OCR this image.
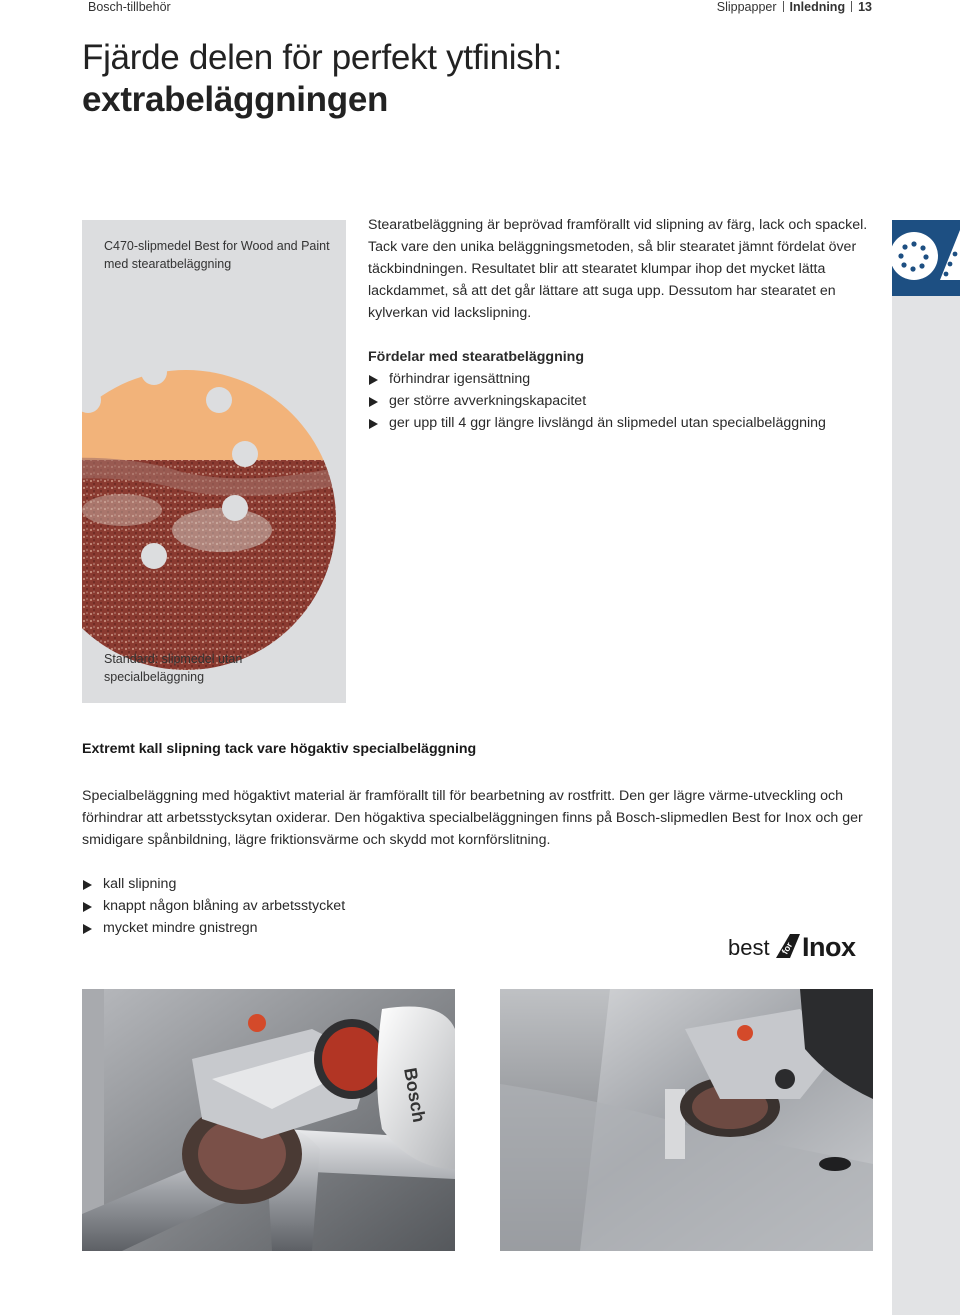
Bosch-tillbehör	Slippapper Inledning 13
Fjärde delen för perfekt ytfinish:
extrabeläggningen
C470-slipmedel Best for Wood and Paint med stearatbeläggning
Standard: slipmedel utan specialbeläggning

Stearatbeläggning är beprövad framförallt vid slipning av färg, lack och spackel. Tack vare den unika beläggningsmetoden, så blir stearatet jämnt fördelat över täckbindningen. Resultatet blir att stearatet klumpar ihop det mycket lätta lackdammet, så att det går lättare att suga upp. Dessutom har stearatet en kylverkan vid lackslipning.

Fördelar med stearatbeläggning
förhindrar igensättning
ger större avverkningskapacitet
ger upp till 4 ggr längre livslängd än slipmedel utan specialbeläggning
Extremt kall slipning tack vare högaktiv specialbeläggning

Specialbeläggning med högaktivt material är framförallt till för bearbetning av rostfritt. Den ger lägre värme-utveckling och förhindrar att arbetsstycksytan oxiderar. Den högaktiva specialbeläggningen finns på Bosch-slipmedlen Best for Inox och ger smidigare spånbildning, lägre friktionsvärme och skydd mot kornförslitning.

kall slipning
knappt någon blåning av arbetsstycket
mycket mindre gnistregn
best for Inox
Bosch
